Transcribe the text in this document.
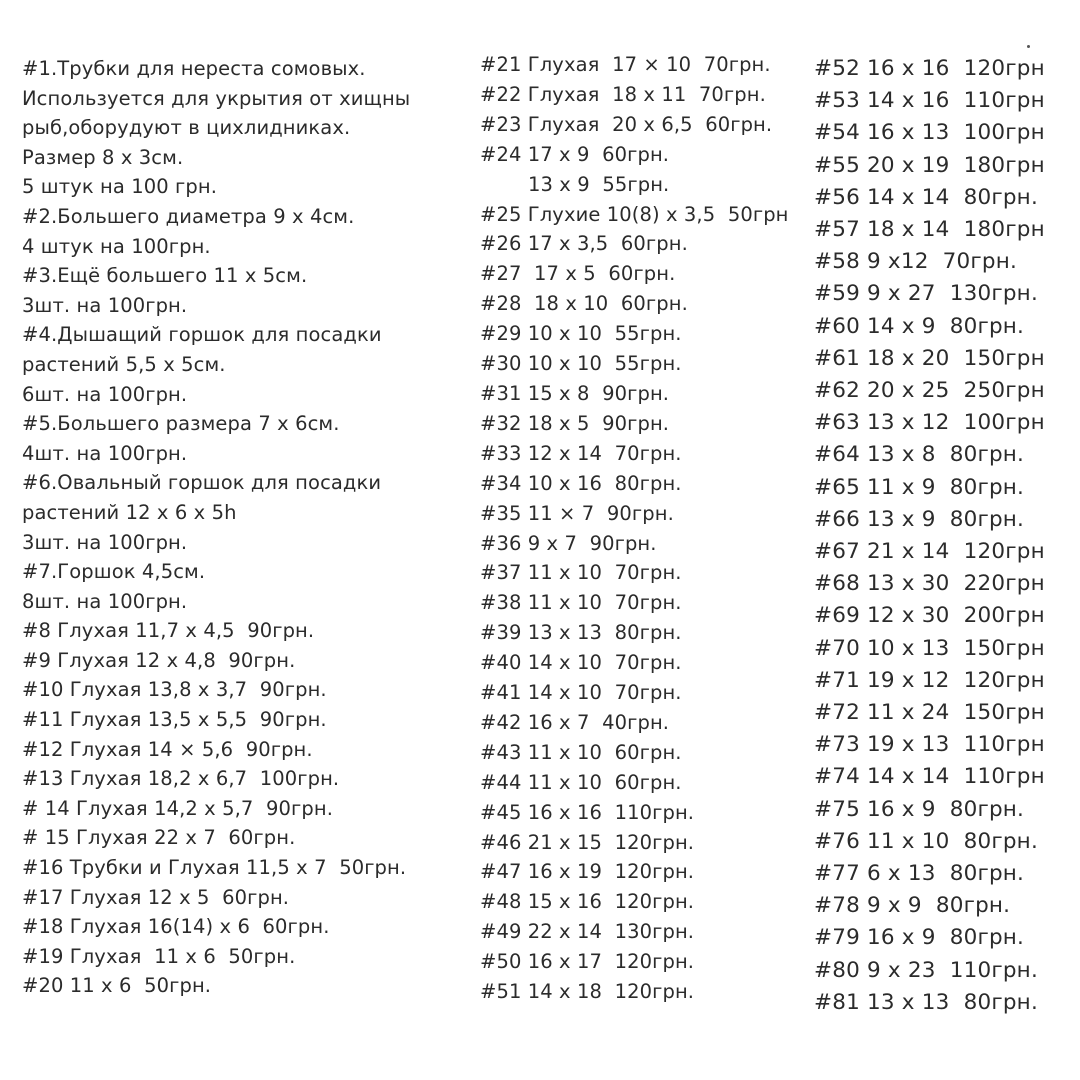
#1.Трубки для нереста сомовых.
Используется для укрытия от хищны
рыб,оборудуют в цихлидниках.
Размер 8 х 3см.
5 штук на 100 грн.
#2.Большего диаметра 9 х 4см.
4 штук на 100грн.
#3.Ещё большего 11 х 5см.
3шт. на 100грн.
#4.Дышащий горшок для посадки
растений 5,5 х 5см.
6шт. на 100грн.
#5.Большего размера 7 х 6см.
4шт. на 100грн.
#6.Овальный горшок для посадки
растений 12 х 6 х 5h
3шт. на 100грн.
#7.Горшок 4,5см.
8шт. на 100грн.
#8 Глухая 11,7 х 4,5  90грн.
#9 Глухая 12 х 4,8  90грн.
#10 Глухая 13,8 х 3,7  90грн.
#11 Глухая 13,5 х 5,5  90грн.
#12 Глухая 14 × 5,6  90грн.
#13 Глухая 18,2 х 6,7  100грн.
# 14 Глухая 14,2 х 5,7  90грн.
# 15 Глухая 22 х 7  60грн.
#16 Трубки и Глухая 11,5 х 7  50грн.
#17 Глухая 12 х 5  60грн.
#18 Глухая 16(14) х 6  60грн.
#19 Глухая  11 х 6  50грн.
#20 11 х 6  50грн.
#21 Глухая  17 × 10  70грн.
#22 Глухая  18 х 11  70грн.
#23 Глухая  20 х 6,5  60грн.
#24 17 х 9  60грн.
13 х 9  55грн.
#25 Глухие 10(8) х 3,5  50грн
#26 17 х 3,5  60грн.
#27  17 х 5  60грн.
#28  18 х 10  60грн.
#29 10 х 10  55грн.
#30 10 х 10  55грн.
#31 15 х 8  90грн.
#32 18 х 5  90грн.
#33 12 х 14  70грн.
#34 10 х 16  80грн.
#35 11 × 7  90грн.
#36 9 х 7  90грн.
#37 11 х 10  70грн.
#38 11 х 10  70грн.
#39 13 х 13  80грн.
#40 14 х 10  70грн.
#41 14 х 10  70грн.
#42 16 х 7  40грн.
#43 11 х 10  60грн.
#44 11 х 10  60грн.
#45 16 х 16  110грн.
#46 21 х 15  120грн.
#47 16 х 19  120грн.
#48 15 х 16  120грн.
#49 22 х 14  130грн.
#50 16 х 17  120грн.
#51 14 х 18  120грн.
#52 16 х 16  120грн
#53 14 х 16  110грн
#54 16 х 13  100грн
#55 20 х 19  180грн
#56 14 х 14  80грн.
#57 18 х 14  180грн
#58 9 х12  70грн.
#59 9 х 27  130грн.
#60 14 х 9  80грн.
#61 18 х 20  150грн
#62 20 х 25  250грн
#63 13 х 12  100грн
#64 13 х 8  80грн.
#65 11 х 9  80грн.
#66 13 х 9  80грн.
#67 21 х 14  120грн
#68 13 х 30  220грн
#69 12 х 30  200грн
#70 10 х 13  150грн
#71 19 х 12  120грн
#72 11 х 24  150грн
#73 19 х 13  110грн
#74 14 х 14  110грн
#75 16 х 9  80грн.
#76 11 х 10  80грн.
#77 6 х 13  80грн.
#78 9 х 9  80грн.
#79 16 х 9  80грн.
#80 9 х 23  110грн.
#81 13 х 13  80грн.
